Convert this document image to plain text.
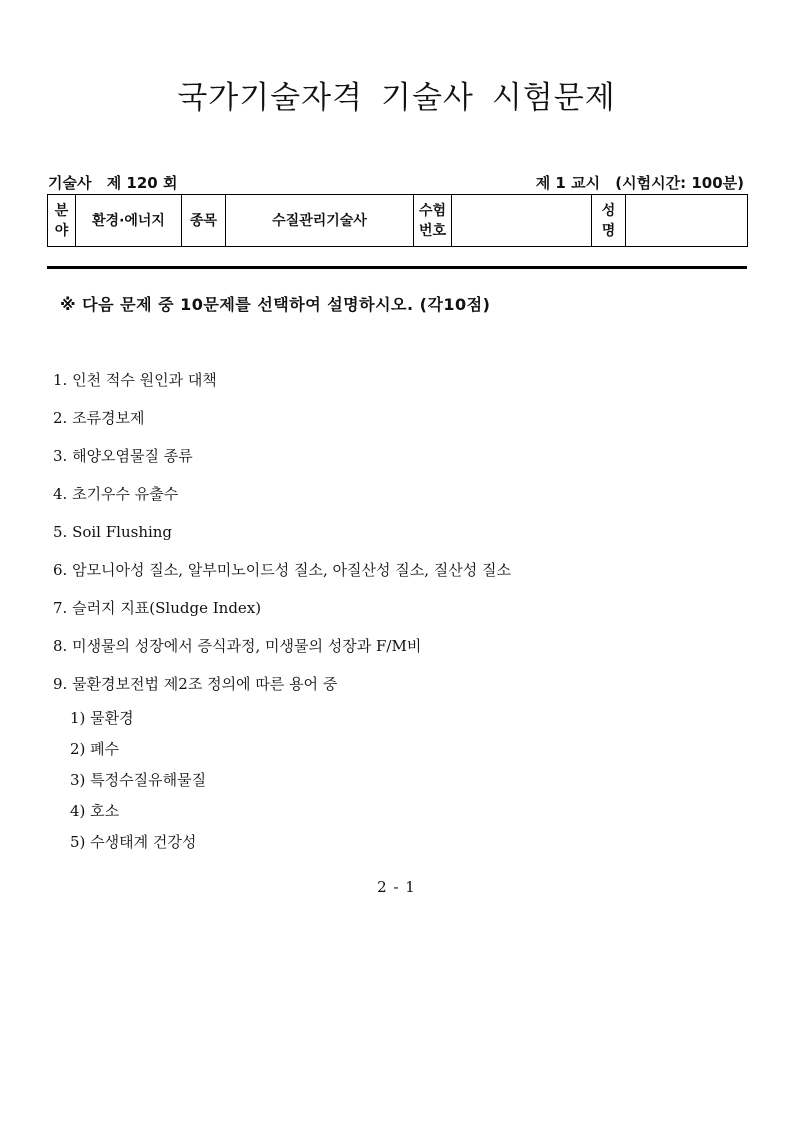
국가기술자격 기술사 시험문제
기술사 제 120 회	제 1 교시 (시험시간: 100분)
분야	환경·에너지	종목	수질관리기술사	수험번호		성명	
※ 다음 문제 중 10문제를 선택하여 설명하시오. (각10점)
1. 인천 적수 원인과 대책
2. 조류경보제
3. 해양오염물질 종류
4. 초기우수 유출수
5. Soil Flushing
6. 암모니아성 질소, 알부미노이드성 질소, 아질산성 질소, 질산성 질소
7. 슬러지 지표(Sludge Index)
8. 미생물의 성장에서 증식과정, 미생물의 성장과 F/M비
9. 물환경보전법 제2조 정의에 따른 용어 중
1) 물환경
2) 폐수
3) 특정수질유해물질
4) 호소
5) 수생태계 건강성
2 - 1
